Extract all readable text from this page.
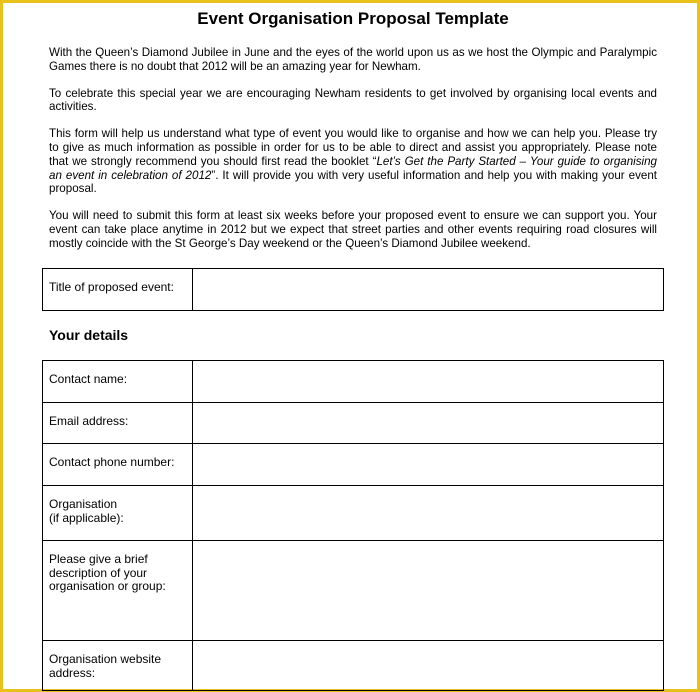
Event Organisation Proposal Template

With the Queen’s Diamond Jubilee in June and the eyes of the world upon us as we host the Olympic and Paralympic Games there is no doubt that 2012 will be an amazing year for Newham.

To celebrate this special year we are encouraging Newham residents to get involved by organising local events and activities.

This form will help us understand what type of event you would like to organise and how we can help you. Please try to give as much information as possible in order for us to be able to direct and assist you appropriately. Please note that we strongly recommend you should first read the booklet “Let’s Get the Party Started – Your guide to organising an event in celebration of 2012”. It will provide you with very useful information and help you with making your event proposal.

You will need to submit this form at least six weeks before your proposed event to ensure we can support you. Your event can take place anytime in 2012 but we expect that street parties and other events requiring road closures will mostly coincide with the St George’s Day weekend or the Queen’s Diamond Jubilee weekend.

Title of proposed event:	
Your details
Contact name:	
Email address:	
Contact phone number:	
Organisation
(if applicable):	
Please give a brief
description of your
organisation or group:	
Organisation website
address:	
